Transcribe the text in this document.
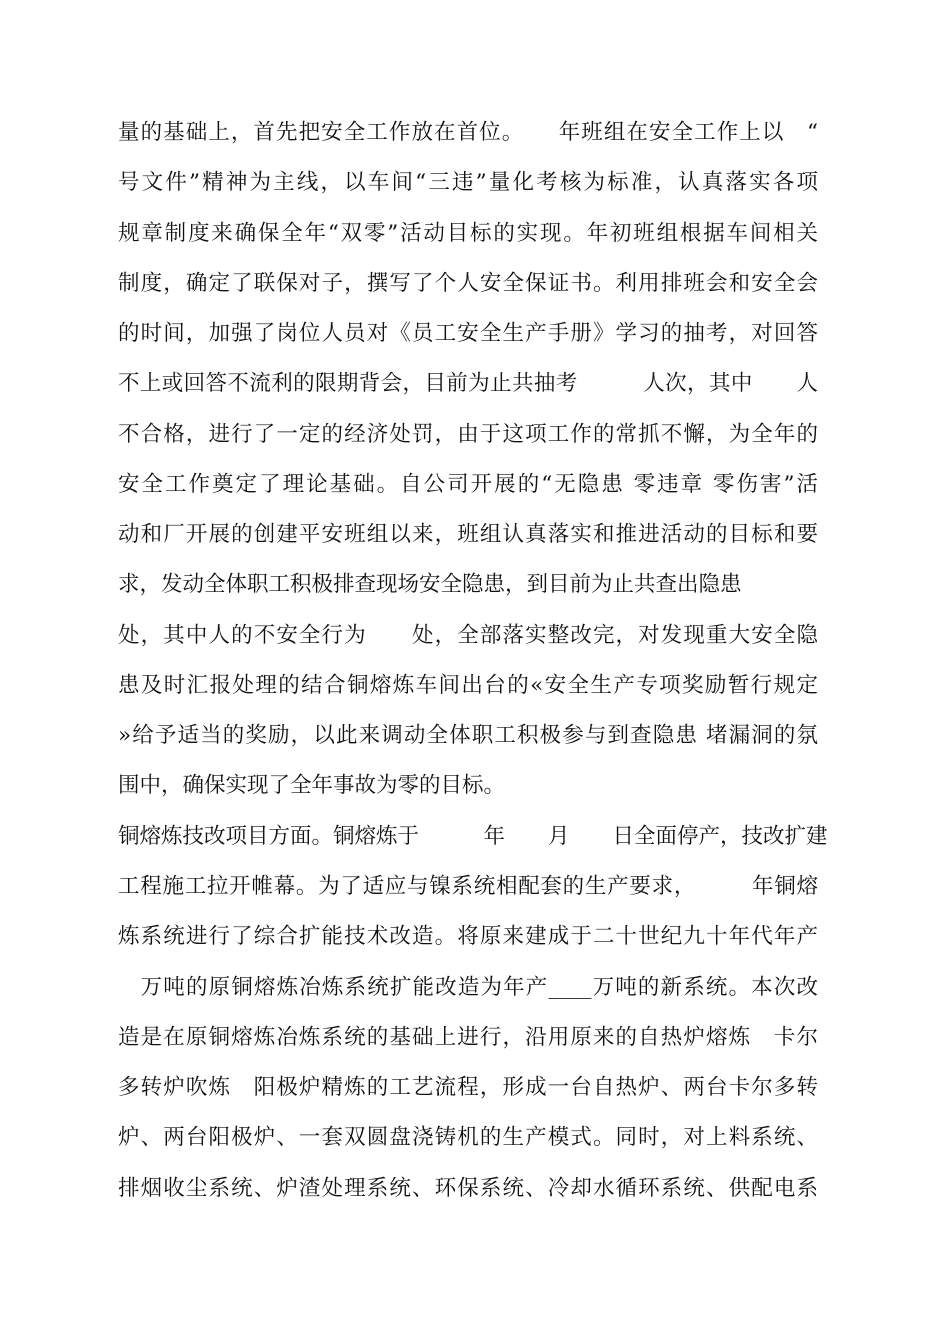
量的基础上，首先把安全工作放在首位。　　年班组在安全工作上以　“
号文件”精神为主线，以车间“三违”量化考核为标准，认真落实各项
规章制度来确保全年“双零”活动目标的实现。年初班组根据车间相关
制度，确定了联保对子，撰写了个人安全保证书。利用排班会和安全会
的时间，加强了岗位人员对《员工安全生产手册》学习的抽考，对回答
不上或回答不流利的限期背会，目前为止共抽考　　　人次，其中　　人
不合格，进行了一定的经济处罚，由于这项工作的常抓不懈，为全年的
安全工作奠定了理论基础。自公司开展的“无隐患 零违章 零伤害”活
动和厂开展的创建平安班组以来，班组认真落实和推进活动的目标和要
求，发动全体职工积极排查现场安全隐患，到目前为止共查出隐患
处，其中人的不安全行为　　处，全部落实整改完，对发现重大安全隐
患及时汇报处理的结合铜熔炼车间出台的«安全生产专项奖励暂行规定
»给予适当的奖励，以此来调动全体职工积极参与到查隐患 堵漏洞的氛
围中，确保实现了全年事故为零的目标。
铜熔炼技改项目方面。铜熔炼于　　　年　　月　　日全面停产，技改扩建
工程施工拉开帷幕。为了适应与镍系统相配套的生产要求，　　　年铜熔
炼系统进行了综合扩能技术改造。将原来建成于二十世纪九十年代年产
　万吨的原铜熔炼冶炼系统扩能改造为年产____万吨的新系统。本次改
造是在原铜熔炼冶炼系统的基础上进行，沿用原来的自热炉熔炼　卡尔
多转炉吹炼　阳极炉精炼的工艺流程，形成一台自热炉、两台卡尔多转
炉、两台阳极炉、一套双圆盘浇铸机的生产模式。同时，对上料系统、
排烟收尘系统、炉渣处理系统、环保系统、冷却水循环系统、供配电系
